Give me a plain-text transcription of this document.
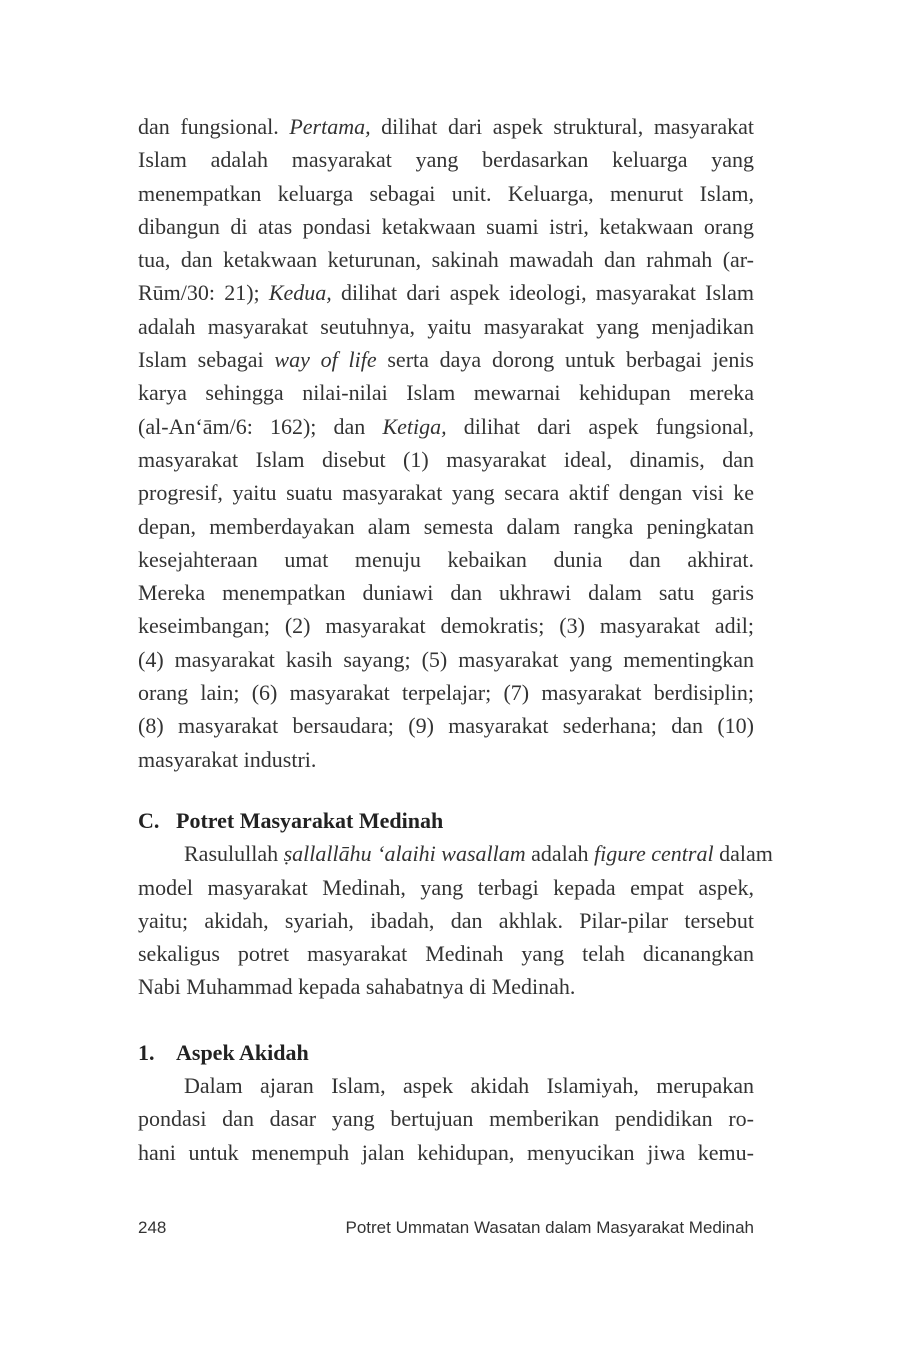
dan fungsional. Pertama, dilihat dari aspek struktural, masyarakat
Islam adalah masyarakat yang berdasarkan keluarga yang
menempatkan keluarga sebagai unit. Keluarga, menurut Islam,
dibangun di atas pondasi ketakwaan suami istri, ketakwaan orang
tua, dan ketakwaan keturunan, sakinah mawadah dan rahmah (ar-
Rūm/30: 21); Kedua, dilihat dari aspek ideologi, masyarakat Islam
adalah masyarakat seutuhnya, yaitu masyarakat yang menjadikan
Islam sebagai way of life serta daya dorong untuk berbagai jenis
karya sehingga nilai-nilai Islam mewarnai kehidupan mereka
(al-An‘ām/6: 162); dan Ketiga, dilihat dari aspek fungsional,
masyarakat Islam disebut (1) masyarakat ideal, dinamis, dan
progresif, yaitu suatu masyarakat yang secara aktif dengan visi ke
depan, memberdayakan alam semesta dalam rangka peningkatan
kesejahteraan umat menuju kebaikan dunia dan akhirat.
Mereka menempatkan duniawi dan ukhrawi dalam satu garis
keseimbangan; (2) masyarakat demokratis; (3) masyarakat adil;
(4) masyarakat kasih sayang; (5) masyarakat yang mementingkan
orang lain; (6) masyarakat terpelajar; (7) masyarakat berdisiplin;
(8) masyarakat bersaudara; (9) masyarakat sederhana; dan (10)
masyarakat industri.
C. Potret Masyarakat Medinah
Rasulullah ṣallallāhu ‘alaihi wasallam adalah figure central dalam
model masyarakat Medinah, yang terbagi kepada empat aspek,
yaitu; akidah, syariah, ibadah, dan akhlak. Pilar-pilar tersebut
sekaligus potret masyarakat Medinah yang telah dicanangkan
Nabi Muhammad kepada sahabatnya di Medinah.
1. Aspek Akidah
Dalam ajaran Islam, aspek akidah Islamiyah, merupakan
pondasi dan dasar yang bertujuan memberikan pendidikan ro-
hani untuk menempuh jalan kehidupan, menyucikan jiwa kemu-
248	Potret Ummatan Wasatan dalam Masyarakat Medinah
